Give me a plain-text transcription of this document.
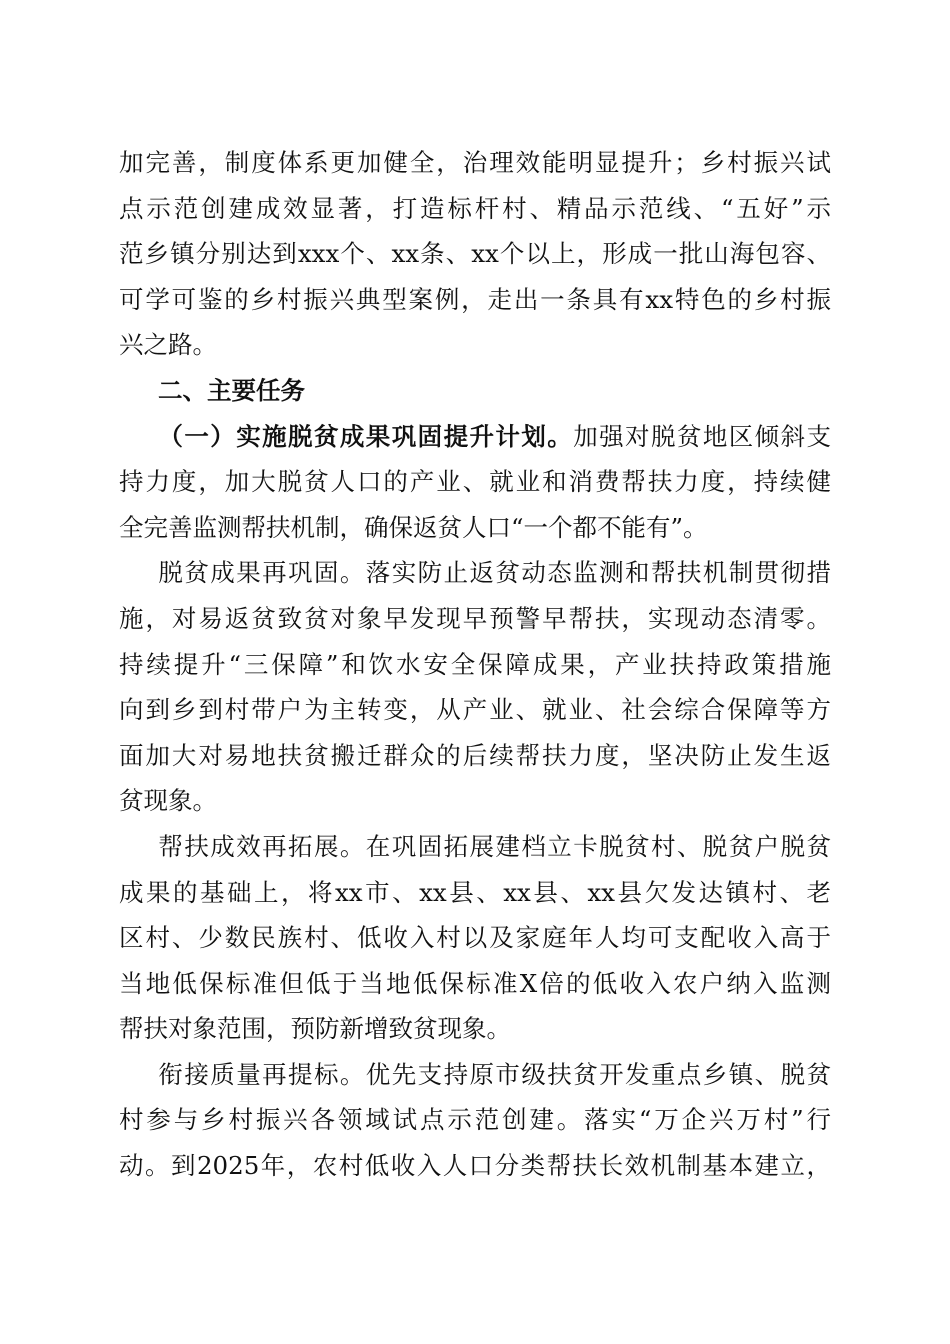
加完善，制度体系更加健全，治理效能明显提升；乡村振兴试
点示范创建成效显著，打造标杆村、精品示范线、“五好”示
范乡镇分别达到xxx个、xx条、xx个以上，形成一批山海包容、
可学可鉴的乡村振兴典型案例，走出一条具有xx特色的乡村振
兴之路。
二、主要任务
（一）实施脱贫成果巩固提升计划。加强对脱贫地区倾斜支
持力度，加大脱贫人口的产业、就业和消费帮扶力度，持续健
全完善监测帮扶机制，确保返贫人口“一个都不能有”。
脱贫成果再巩固。落实防止返贫动态监测和帮扶机制贯彻措
施，对易返贫致贫对象早发现早预警早帮扶，实现动态清零。
持续提升“三保障”和饮水安全保障成果，产业扶持政策措施
向到乡到村带户为主转变，从产业、就业、社会综合保障等方
面加大对易地扶贫搬迁群众的后续帮扶力度，坚决防止发生返
贫现象。
帮扶成效再拓展。在巩固拓展建档立卡脱贫村、脱贫户脱贫
成果的基础上，将xx市、xx县、xx县、xx县欠发达镇村、老
区村、少数民族村、低收入村以及家庭年人均可支配收入高于
当地低保标准但低于当地低保标准X倍的低收入农户纳入监测
帮扶对象范围，预防新增致贫现象。
衔接质量再提标。优先支持原市级扶贫开发重点乡镇、脱贫
村参与乡村振兴各领域试点示范创建。落实“万企兴万村”行
动。到2025年，农村低收入人口分类帮扶长效机制基本建立，
